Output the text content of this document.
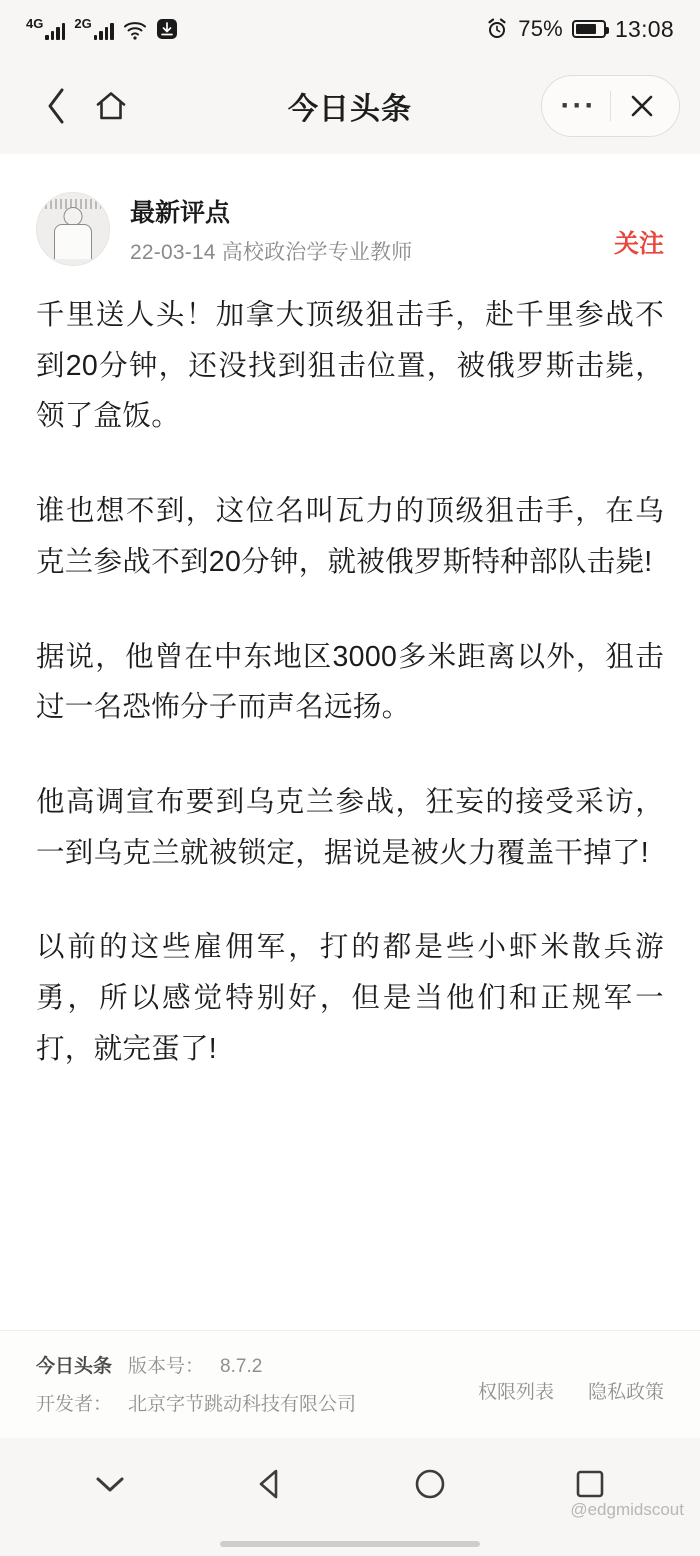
4G 2G	75% 13:08
今日头条	···
最新评点
22-03-14 高校政治学专业教师	关注

千里送人头！加拿大顶级狙击手，赴千里参战不到20分钟，还没找到狙击位置，被俄罗斯击毙，领了盒饭。

谁也想不到，这位名叫瓦力的顶级狙击手，在乌克兰参战不到20分钟，就被俄罗斯特种部队击毙!

据说，他曾在中东地区3000多米距离以外，狙击过一名恐怖分子而声名远扬。

他高调宣布要到乌克兰参战，狂妄的接受采访，一到乌克兰就被锁定，据说是被火力覆盖干掉了!

以前的这些雇佣军，打的都是些小虾米散兵游勇，所以感觉特别好，但是当他们和正规军一打，就完蛋了!

今日头条 版本号： 8.7.2
开发者： 北京字节跳动科技有限公司
权限列表 隐私政策
@edgmidscout
